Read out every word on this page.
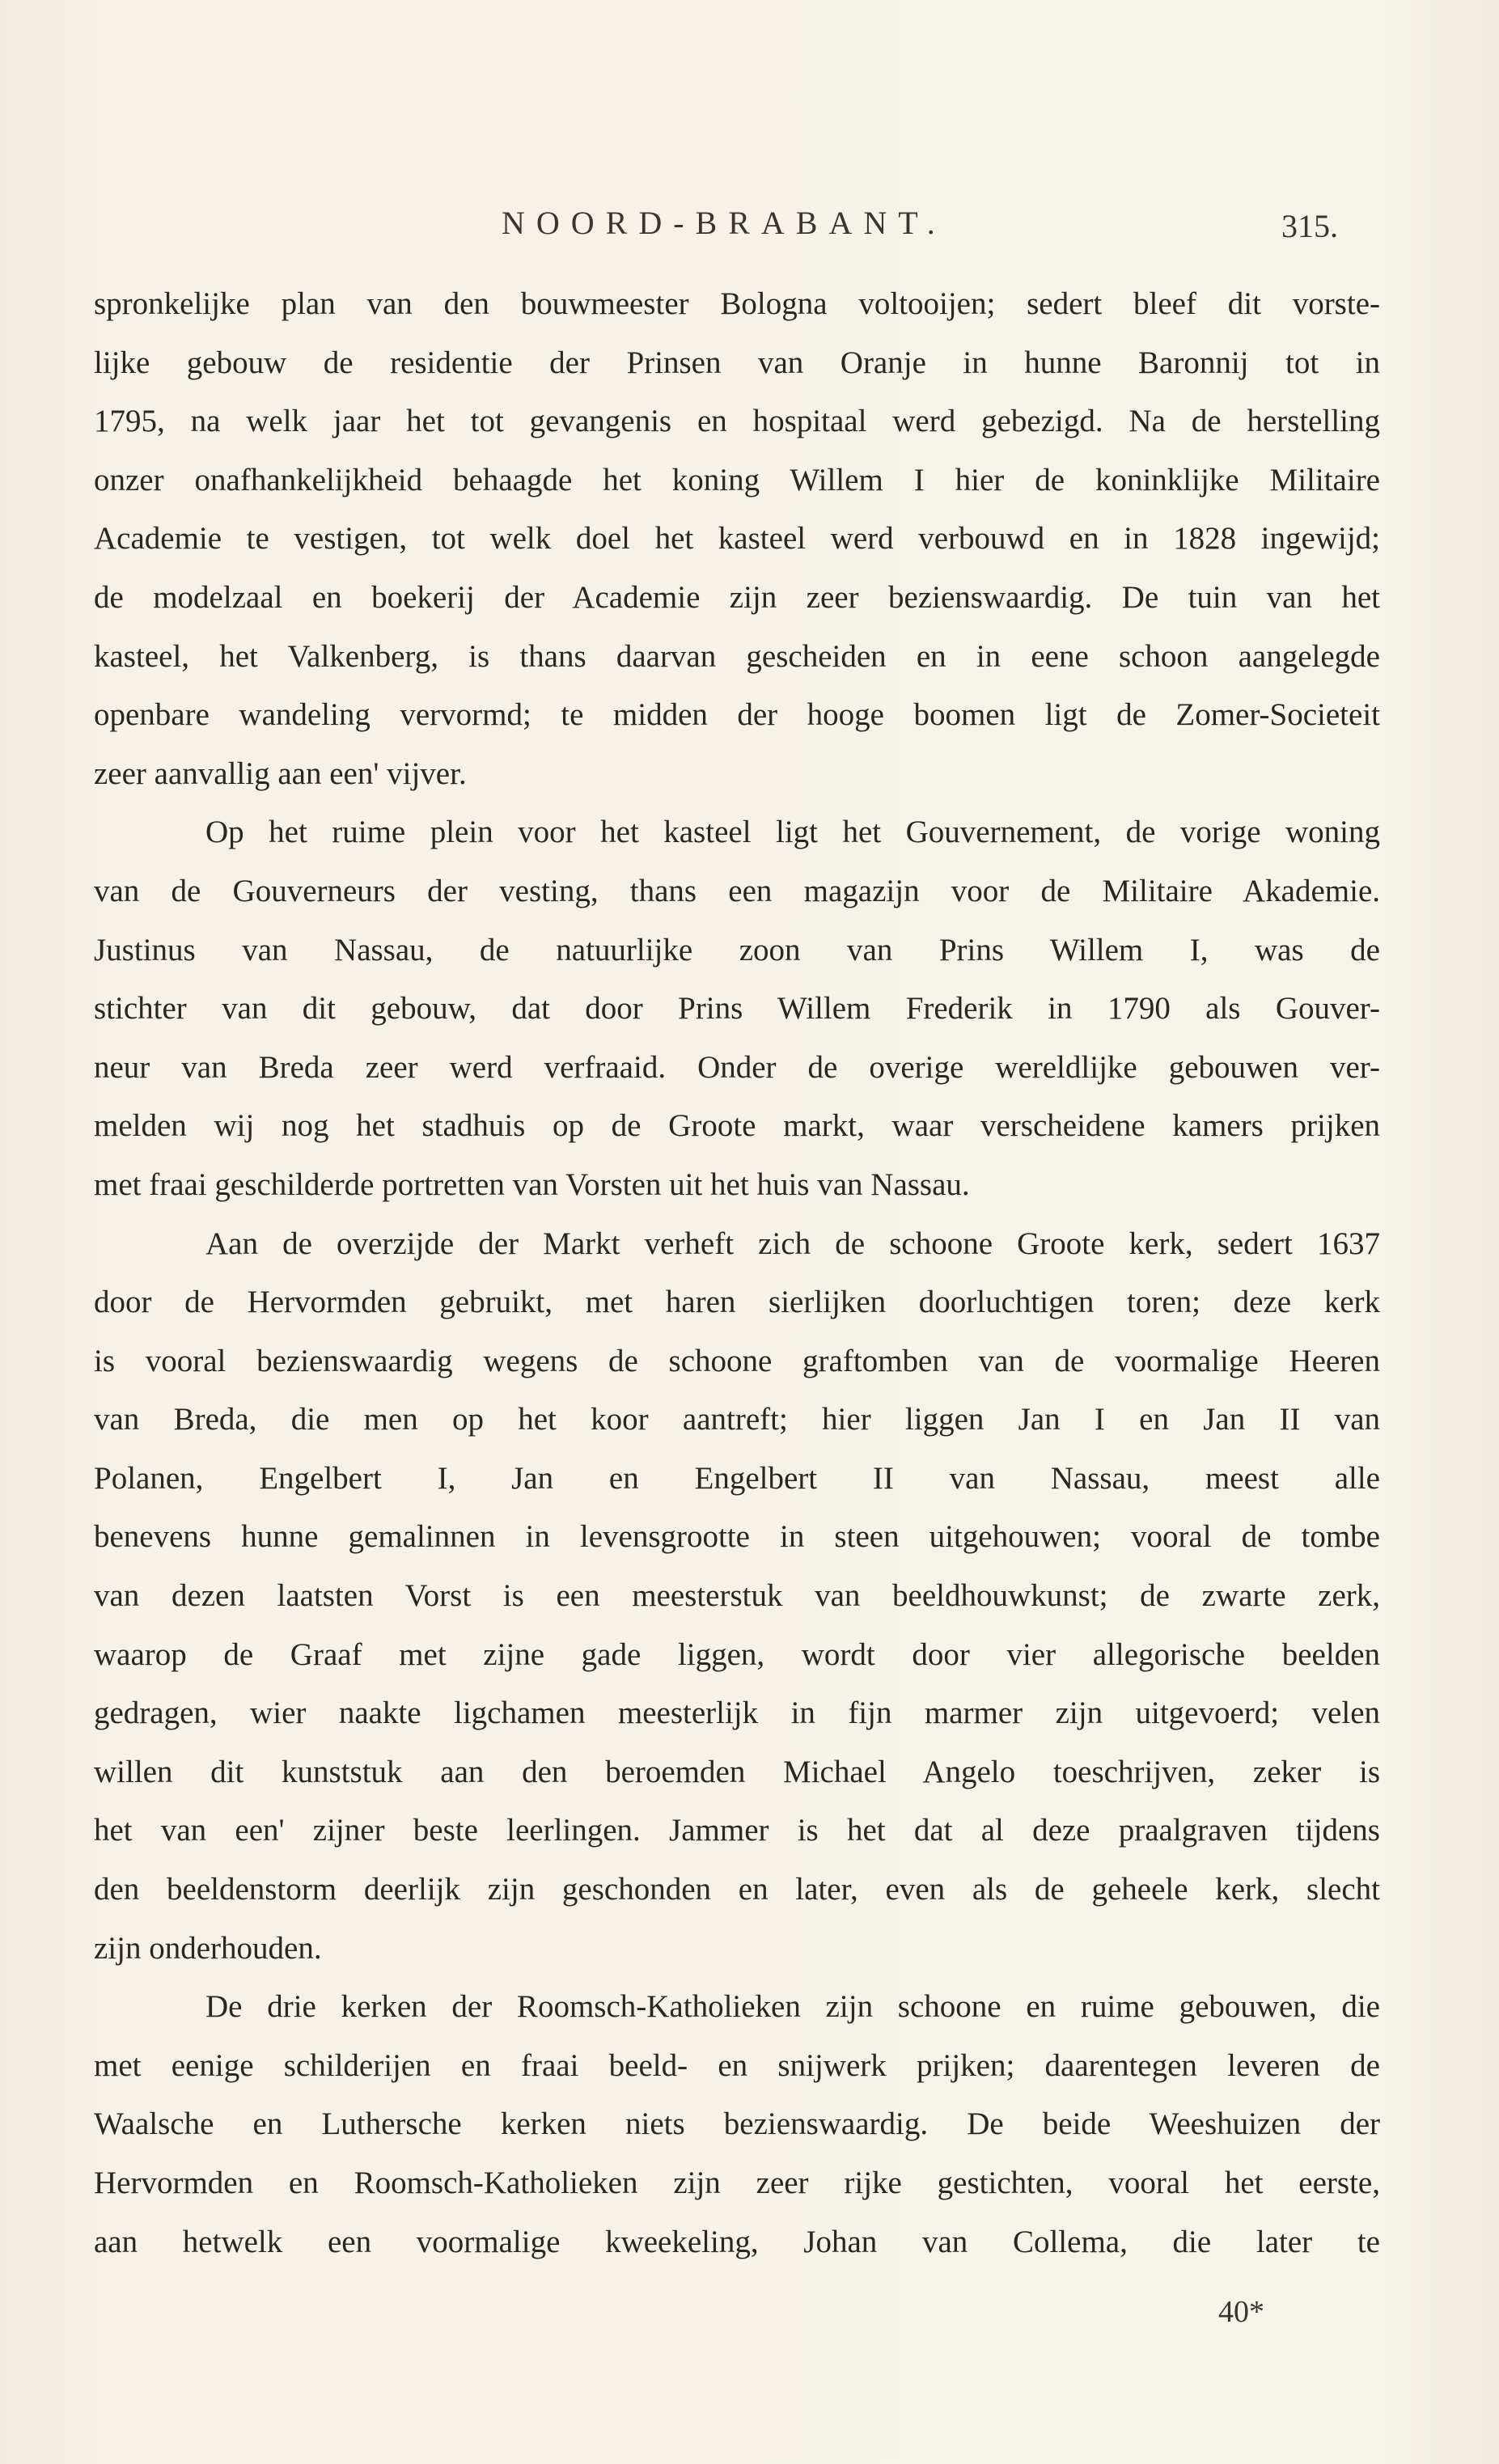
NOORD-BRABANT.	315.
spronkelijke plan van den bouwmeester Bologna voltooijen; sedert bleef dit vorste-
lijke gebouw de residentie der Prinsen van Oranje in hunne Baronnij tot in
1795, na welk jaar het tot gevangenis en hospitaal werd gebezigd. Na de herstelling
onzer onafhankelijkheid behaagde het koning Willem I hier de koninklijke Militaire
Academie te vestigen, tot welk doel het kasteel werd verbouwd en in 1828 ingewijd;
de modelzaal en boekerij der Academie zijn zeer bezienswaardig. De tuin van het
kasteel, het Valkenberg, is thans daarvan gescheiden en in eene schoon aangelegde
openbare wandeling vervormd; te midden der hooge boomen ligt de Zomer-Societeit
zeer aanvallig aan een' vijver.
Op het ruime plein voor het kasteel ligt het Gouvernement, de vorige woning
van de Gouverneurs der vesting, thans een magazijn voor de Militaire Akademie.
Justinus van Nassau, de natuurlijke zoon van Prins Willem I, was de
stichter van dit gebouw, dat door Prins Willem Frederik in 1790 als Gouver-
neur van Breda zeer werd verfraaid. Onder de overige wereldlijke gebouwen ver-
melden wij nog het stadhuis op de Groote markt, waar verscheidene kamers prijken
met fraai geschilderde portretten van Vorsten uit het huis van Nassau.
Aan de overzijde der Markt verheft zich de schoone Groote kerk, sedert 1637
door de Hervormden gebruikt, met haren sierlijken doorluchtigen toren; deze kerk
is vooral bezienswaardig wegens de schoone graftomben van de voormalige Heeren
van Breda, die men op het koor aantreft; hier liggen Jan I en Jan II van
Polanen, Engelbert I, Jan en Engelbert II van Nassau, meest alle
benevens hunne gemalinnen in levensgrootte in steen uitgehouwen; vooral de tombe
van dezen laatsten Vorst is een meesterstuk van beeldhouwkunst; de zwarte zerk,
waarop de Graaf met zijne gade liggen, wordt door vier allegorische beelden
gedragen, wier naakte ligchamen meesterlijk in fijn marmer zijn uitgevoerd; velen
willen dit kunststuk aan den beroemden Michael Angelo toeschrijven, zeker is
het van een' zijner beste leerlingen. Jammer is het dat al deze praalgraven tijdens
den beeldenstorm deerlijk zijn geschonden en later, even als de geheele kerk, slecht
zijn onderhouden.
De drie kerken der Roomsch-Katholieken zijn schoone en ruime gebouwen, die
met eenige schilderijen en fraai beeld- en snijwerk prijken; daarentegen leveren de
Waalsche en Luthersche kerken niets bezienswaardig. De beide Weeshuizen der
Hervormden en Roomsch-Katholieken zijn zeer rijke gestichten, vooral het eerste,
aan hetwelk een voormalige kweekeling, Johan van Collema, die later te
40*
